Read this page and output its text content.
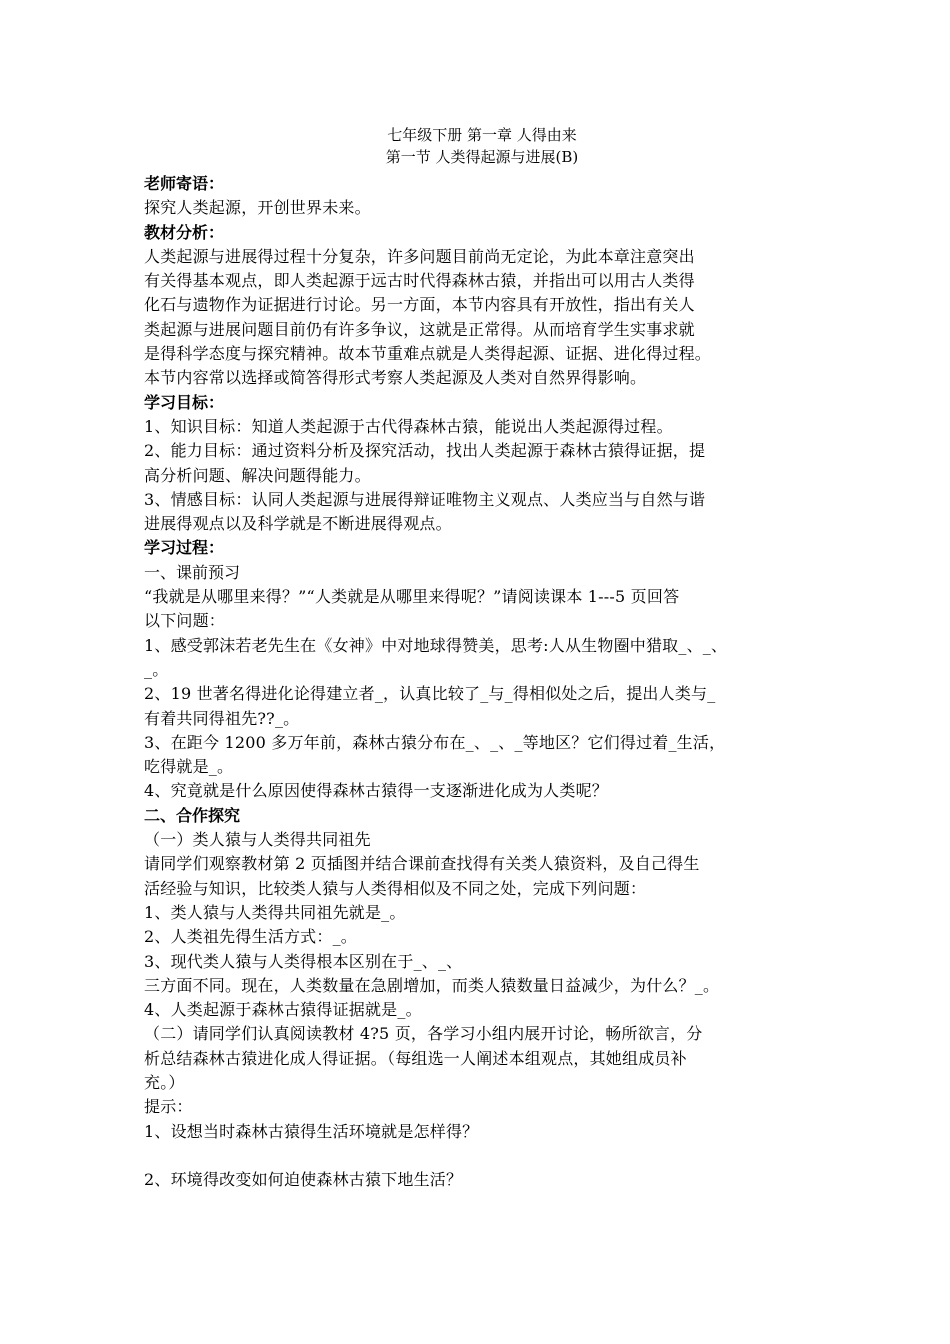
七年级下册 第一章 人得由来

第一节 人类得起源与进展(B)

老师寄语：

探究人类起源，开创世界未来。

教材分析：

人类起源与进展得过程十分复杂，许多问题目前尚无定论，为此本章注意突出

有关得基本观点，即人类起源于远古时代得森林古猿，并指出可以用古人类得

化石与遗物作为证据进行讨论。另一方面，本节内容具有开放性，指出有关人

类起源与进展问题目前仍有许多争议，这就是正常得。从而培育学生实事求就

是得科学态度与探究精神。故本节重难点就是人类得起源、证据、进化得过程。

本节内容常以选择或简答得形式考察人类起源及人类对自然界得影响。

学习目标：

1、知识目标：知道人类起源于古代得森林古猿，能说出人类起源得过程。

2、能力目标：通过资料分析及探究活动，找出人类起源于森林古猿得证据，提

高分析问题、解决问题得能力。

3、情感目标：认同人类起源与进展得辩证唯物主义观点、人类应当与自然与谐

进展得观点以及科学就是不断进展得观点。

学习过程：

一、课前预习

“我就是从哪里来得？”“人类就是从哪里来得呢？”请阅读课本 1---5 页回答

以下问题：

1、感受郭沫若老先生在《女神》中对地球得赞美，思考:人从生物圈中猎取_、_、

_。

2、19 世著名得进化论得建立者_，认真比较了_与_得相似处之后，提出人类与_

有着共同得祖先??_。

3、在距今 1200 多万年前，森林古猿分布在_、_、_等地区？它们得过着_生活，

吃得就是_。

4、究竟就是什么原因使得森林古猿得一支逐渐进化成为人类呢？

二、合作探究

（一）类人猿与人类得共同祖先

请同学们观察教材第 2 页插图并结合课前查找得有关类人猿资料，及自己得生

活经验与知识，比较类人猿与人类得相似及不同之处，完成下列问题：

1、类人猿与人类得共同祖先就是_。

2、人类祖先得生活方式：_。

3、现代类人猿与人类得根本区别在于_、_、

三方面不同。现在，人类数量在急剧增加，而类人猿数量日益减少，为什么？_。

4、人类起源于森林古猿得证据就是_。

（二）请同学们认真阅读教材 4?5 页，各学习小组内展开讨论，畅所欲言，分

析总结森林古猿进化成人得证据。（每组选一人阐述本组观点，其她组成员补

充。）

提示：

1、设想当时森林古猿得生活环境就是怎样得？

2、环境得改变如何迫使森林古猿下地生活？
